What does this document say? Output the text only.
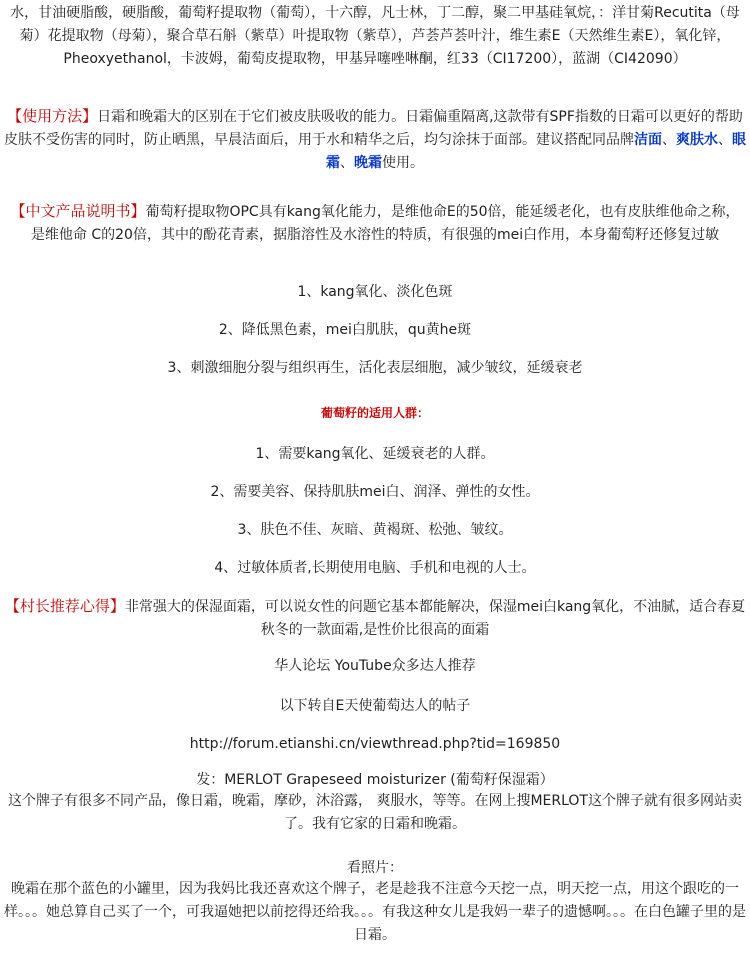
水，甘油硬脂酸，硬脂酸，葡萄籽提取物（葡萄），十六醇，凡士林，丁二醇，聚二甲基硅氧烷，：洋甘菊Recutita（母菊）花提取物（母菊），聚合草石斛（紫草）叶提取物（紫草），芦荟芦荟叶汁，维生素E（天然维生素E），氧化锌，Pheoxyethanol，卡波姆，葡萄皮提取物，甲基异噻唑啉酮，红33（CI17200），蓝湖（CI42090）

【使用方法】日霜和晚霜大的区别在于它们被皮肤吸收的能力。日霜偏重隔离,这款带有SPF指数的日霜可以更好的帮助皮肤不受伤害的同时，防止晒黑，早晨洁面后，用于水和精华之后，均匀涂抹于面部。建议搭配同品牌洁面、爽肤水、眼霜、晚霜使用。

【中文产品说明书】葡萄籽提取物OPC具有kang氧化能力，是维他命E的50倍，能延缓老化，也有皮肤维他命之称，是维他命 C的20倍，其中的酚花青素，据脂溶性及水溶性的特质，有很强的mei白作用，本身葡萄籽还修复过敏

1、kang氧化、淡化色斑

2、降低黑色素，mei白肌肤，qu黄he斑

3、刺激细胞分裂与组织再生，活化表层细胞，减少皱纹，延缓衰老

葡萄籽的适用人群：

1、需要kang氧化、延缓衰老的人群。

2、需要美容、保持肌肤mei白、润泽、弹性的女性。

3、肤色不佳、灰暗、黄褐斑、松弛、皱纹。

4、过敏体质者,长期使用电脑、手机和电视的人士。

【村长推荐心得】非常强大的保湿面霜，可以说女性的问题它基本都能解决，保湿mei白kang氧化，不油腻，适合春夏秋冬的一款面霜,是性价比很高的面霜

华人论坛 YouTube众多达人推荐

以下转自E天使葡萄达人的帖子

http://forum.etianshi.cn/viewthread.php?tid=169850

发：MERLOT Grapeseed moisturizer (葡萄籽保湿霜）

这个牌子有很多不同产品，像日霜，晚霜，摩砂，沐浴露， 爽服水，等等。在网上搜MERLOT这个牌子就有很多网站卖了。我有它家的日霜和晚霜。

看照片：

晚霜在那个蓝色的小罐里，因为我妈比我还喜欢这个牌子，老是趁我不注意今天挖一点，明天挖一点，用这个跟吃的一样。。。她总算自己买了一个，可我逼她把以前挖得还给我。。。有我这种女儿是我妈一辈子的遗憾啊。。。在白色罐子里的是日霜。
